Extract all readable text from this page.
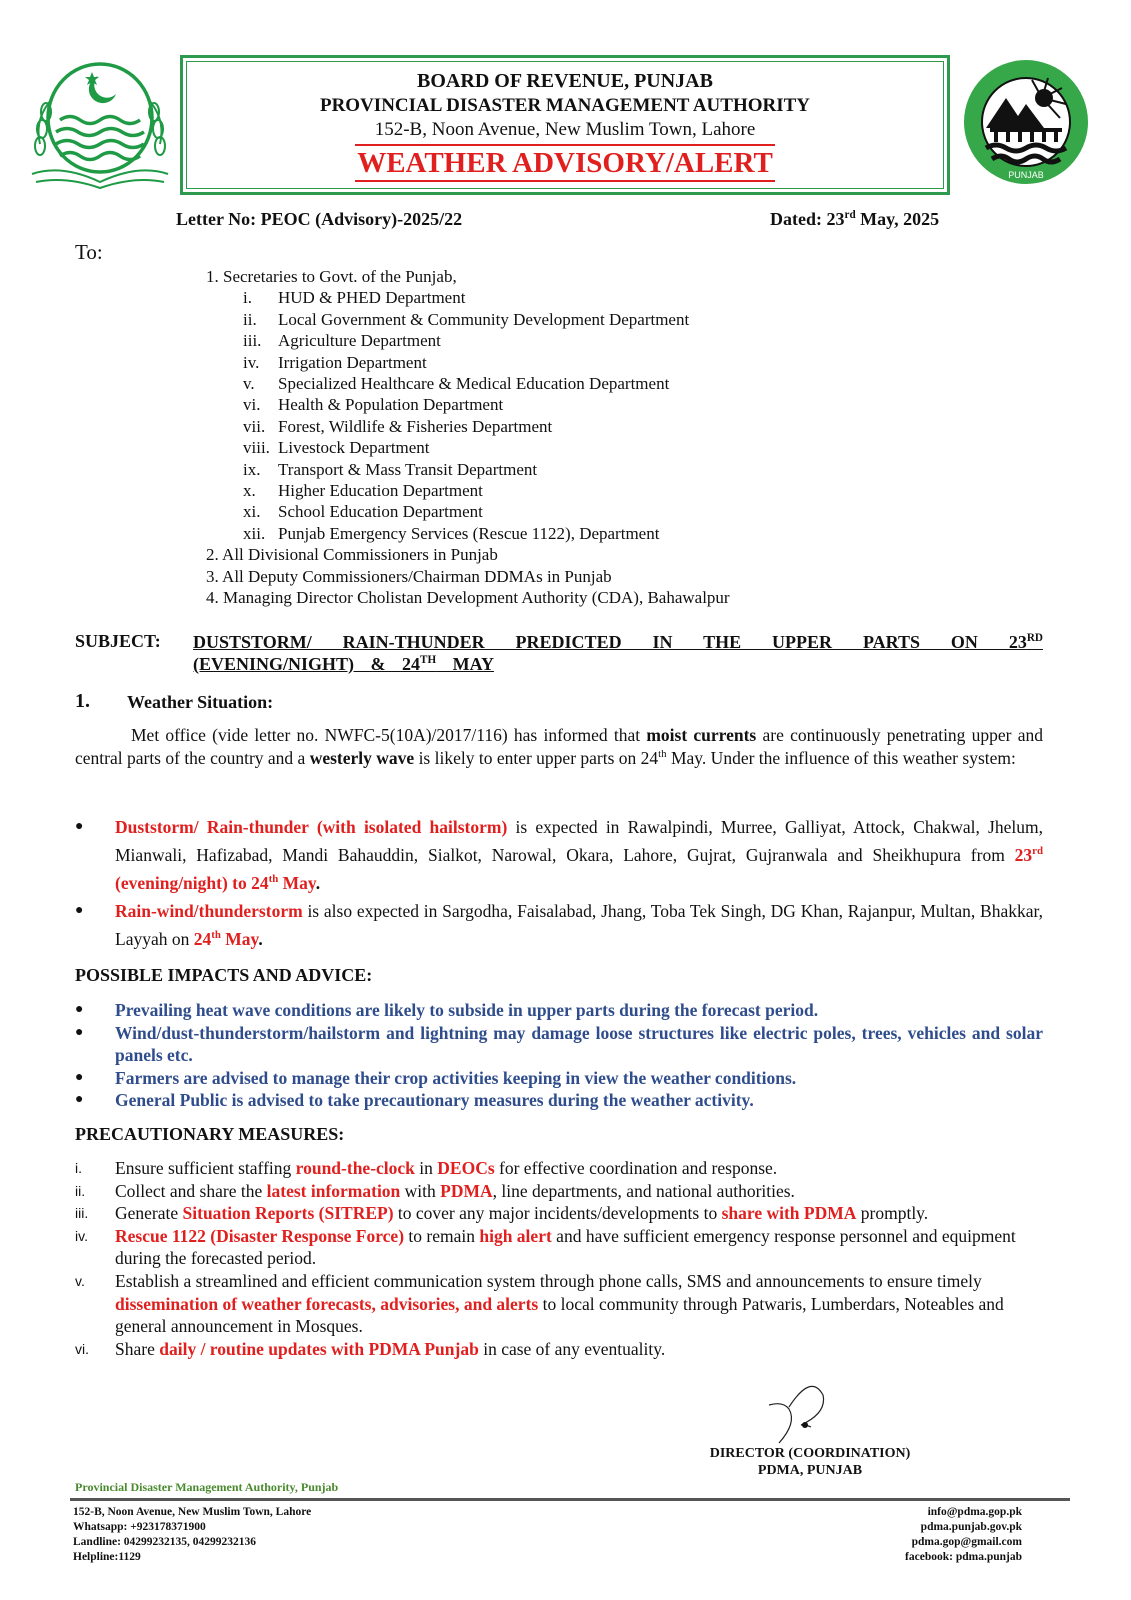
BOARD OF REVENUE, PUNJAB
PROVINCIAL DISASTER MANAGEMENT AUTHORITY
152-B, Noon Avenue, New Muslim Town, Lahore
WEATHER ADVISORY/ALERT	PUNJAB
Letter No: PEOC (Advisory)-2025/22	Dated: 23rd May, 2025
To:
1. Secretaries to Govt. of the Punjab,
i.	HUD & PHED Department
ii.	Local Government & Community Development Department
iii. Agriculture Department
iv.	Irrigation Department
v.	Specialized Healthcare & Medical Education Department
vi.	Health & Population Department
vii. Forest, Wildlife & Fisheries Department
viii. Livestock Department
ix.	Transport & Mass Transit Department
x.	Higher Education Department
xi.	School Education Department
xii. Punjab Emergency Services (Rescue 1122), Department
2. All Divisional Commissioners in Punjab
3. All Deputy Commissioners/Chairman DDMAs in Punjab
4. Managing Director Cholistan Development Authority (CDA), Bahawalpur
SUBJECT: DUSTSTORM/ RAIN-THUNDER PREDICTED IN THE UPPER PARTS ON 23RD (EVENING/NIGHT) & 24TH MAY
1. Weather Situation:
Met office (vide letter no. NWFC-5(10A)/2017/116) has informed that moist currents are continuously penetrating upper and central parts of the country and a westerly wave is likely to enter upper parts on 24th May. Under the influence of this weather system:
● Duststorm/ Rain-thunder (with isolated hailstorm) is expected in Rawalpindi, Murree, Galliyat, Attock, Chakwal, Jhelum, Mianwali, Hafizabad, Mandi Bahauddin, Sialkot, Narowal, Okara, Lahore, Gujrat, Gujranwala and Sheikhupura from 23rd (evening/night) to 24th May.
● Rain-wind/thunderstorm is also expected in Sargodha, Faisalabad, Jhang, Toba Tek Singh, DG Khan, Rajanpur, Multan, Bhakkar, Layyah on 24th May.
POSSIBLE IMPACTS AND ADVICE:
● Prevailing heat wave conditions are likely to subside in upper parts during the forecast period.
● Wind/dust-thunderstorm/hailstorm and lightning may damage loose structures like electric poles, trees, vehicles and solar panels etc.
● Farmers are advised to manage their crop activities keeping in view the weather conditions.
● General Public is advised to take precautionary measures during the weather activity.
PRECAUTIONARY MEASURES:
i. Ensure sufficient staffing round-the-clock in DEOCs for effective coordination and response.
ii. Collect and share the latest information with PDMA, line departments, and national authorities.
iii. Generate Situation Reports (SITREP) to cover any major incidents/developments to share with PDMA promptly.
iv. Rescue 1122 (Disaster Response Force) to remain high alert and have sufficient emergency response personnel and equipment during the forecasted period.
v. Establish a streamlined and efficient communication system through phone calls, SMS and announcements to ensure timely dissemination of weather forecasts, advisories, and alerts to local community through Patwaris, Lumberdars, Noteables and general announcement in Mosques.
vi. Share daily / routine updates with PDMA Punjab in case of any eventuality.
DIRECTOR (COORDINATION)
PDMA, PUNJAB
Provincial Disaster Management Authority, Punjab
152-B, Noon Avenue, New Muslim Town, Lahore
Whatsapp: +923178371900
Landline: 04299232135, 04299232136
Helpline:1129
info@pdma.gop.pk
pdma.punjab.gov.pk
pdma.gop@gmail.com
facebook: pdma.punjab
